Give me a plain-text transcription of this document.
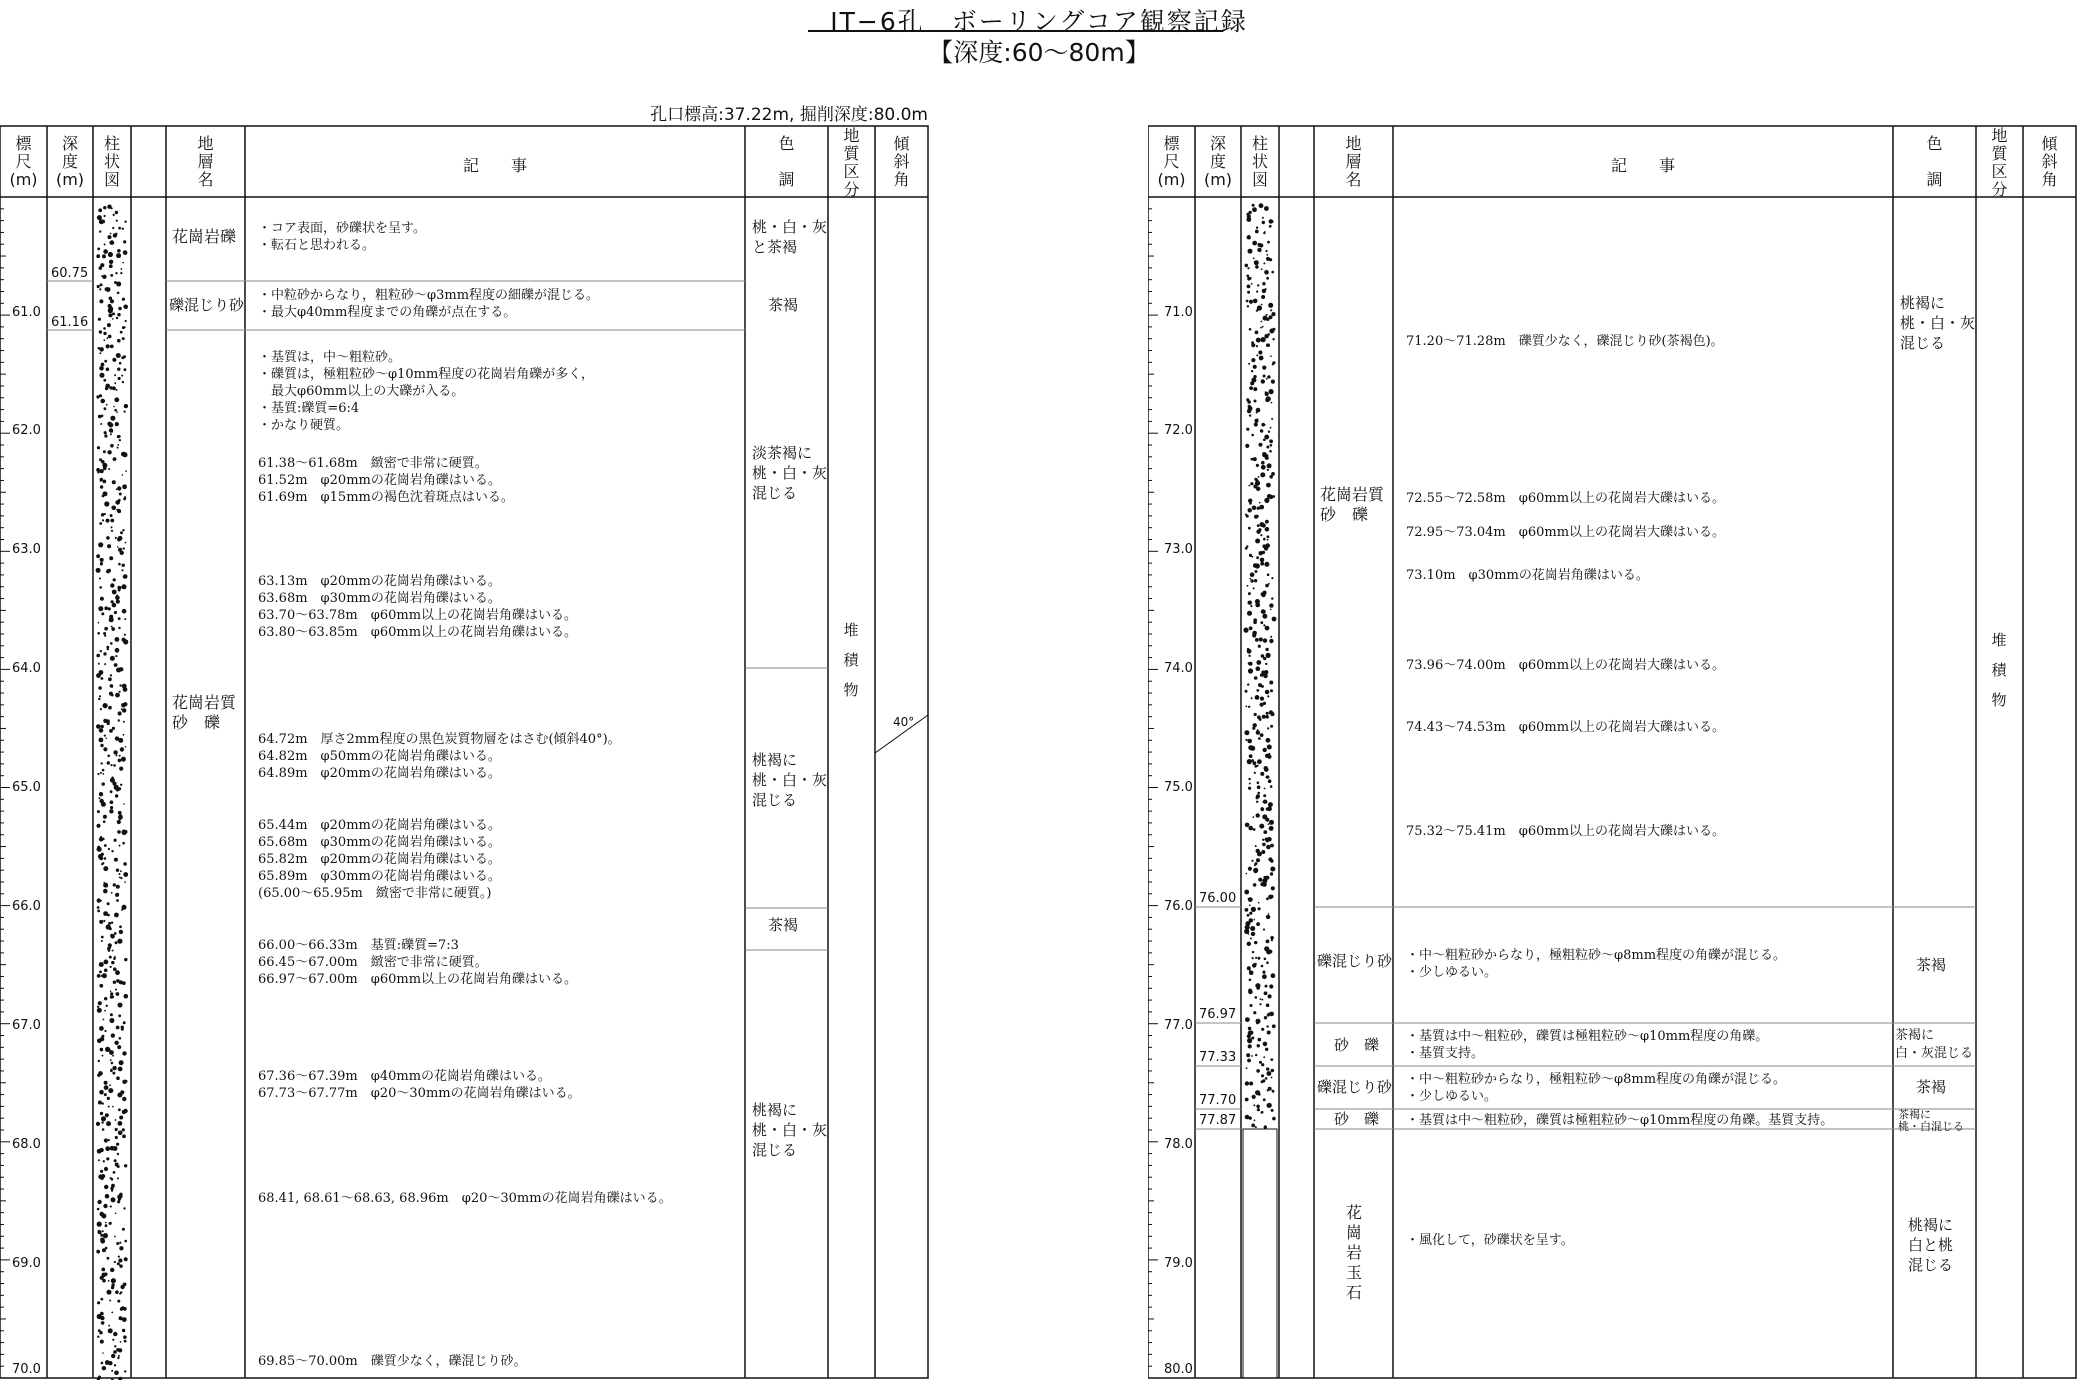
IT−6孔　ボーリングコア観察記録
【深度:60〜80m】
孔口標高:37.22m, 掘削深度:80.0m
標
尺
(m)
深
度
(m)
柱
状
図
地
層
名
記　　事
色

調
地
質
区
分
傾
斜
角
61.0
62.0
63.0
64.0
65.0
66.0
67.0
68.0
69.0
70.0
60.75
61.16
花崗岩礫
礫混じり砂
花崗岩質
砂　礫
桃・白・灰
と茶褐
茶褐
淡茶褐に
桃・白・灰
混じる
桃褐に
桃・白・灰
混じる
茶褐
桃褐に
桃・白・灰
混じる
堆

積

物
40°
・コア表面，砂礫状を呈す。
・転石と思われる。
・中粒砂からなり，粗粒砂〜φ3mm程度の細礫が混じる。
・最大φ40mm程度までの角礫が点在する。
・基質は，中〜粗粒砂。
・礫質は，極粗粒砂〜φ10mm程度の花崗岩角礫が多く，
　最大φ60mm以上の大礫が入る。
・基質:礫質=6:4
・かなり硬質。
61.38〜61.68m　緻密で非常に硬質。
61.52m　φ20mmの花崗岩角礫はいる。
61.69m　φ15mmの褐色沈着斑点はいる。
63.13m　φ20mmの花崗岩角礫はいる。
63.68m　φ30mmの花崗岩角礫はいる。
63.70〜63.78m　φ60mm以上の花崗岩角礫はいる。
63.80〜63.85m　φ60mm以上の花崗岩角礫はいる。
64.72m　厚さ2mm程度の黒色炭質物層をはさむ(傾斜40°)。
64.82m　φ50mmの花崗岩角礫はいる。
64.89m　φ20mmの花崗岩角礫はいる。
65.44m　φ20mmの花崗岩角礫はいる。
65.68m　φ30mmの花崗岩角礫はいる。
65.82m　φ20mmの花崗岩角礫はいる。
65.89m　φ30mmの花崗岩角礫はいる。
(65.00〜65.95m　緻密で非常に硬質。)
66.00〜66.33m　基質:礫質=7:3
66.45〜67.00m　緻密で非常に硬質。
66.97〜67.00m　φ60mm以上の花崗岩角礫はいる。
67.36〜67.39m　φ40mmの花崗岩角礫はいる。
67.73〜67.77m　φ20〜30mmの花崗岩角礫はいる。
68.41, 68.61〜68.63, 68.96m　φ20〜30mmの花崗岩角礫はいる。
69.85〜70.00m　礫質少なく，礫混じり砂。
標
尺
(m)
深
度
(m)
柱
状
図
地
層
名
記　　事
色

調
地
質
区
分
傾
斜
角
71.0
72.0
73.0
74.0
75.0
76.0
77.0
78.0
79.0
80.0
76.00
76.97
77.33
77.70
77.87
花崗岩質
砂　礫
礫混じり砂
砂　礫
礫混じり砂
砂　礫
花
崗
岩
玉
石
桃褐に
桃・白・灰
混じる
茶褐
茶褐に
白・灰混じる
茶褐
茶褐に
桃・白混じる
桃褐に
白と桃
混じる
堆

積

物
71.20〜71.28m　礫質少なく，礫混じり砂(茶褐色)。
72.55〜72.58m　φ60mm以上の花崗岩大礫はいる。
72.95〜73.04m　φ60mm以上の花崗岩大礫はいる。
73.10m　φ30mmの花崗岩角礫はいる。
73.96〜74.00m　φ60mm以上の花崗岩大礫はいる。
74.43〜74.53m　φ60mm以上の花崗岩大礫はいる。
75.32〜75.41m　φ60mm以上の花崗岩大礫はいる。
・中〜粗粒砂からなり，極粗粒砂〜φ8mm程度の角礫が混じる。
・少しゆるい。
・基質は中〜粗粒砂，礫質は極粗粒砂〜φ10mm程度の角礫。
・基質支持。
・中〜粗粒砂からなり，極粗粒砂〜φ8mm程度の角礫が混じる。
・少しゆるい。
・基質は中〜粗粒砂，礫質は極粗粒砂〜φ10mm程度の角礫。基質支持。
・風化して，砂礫状を呈す。
